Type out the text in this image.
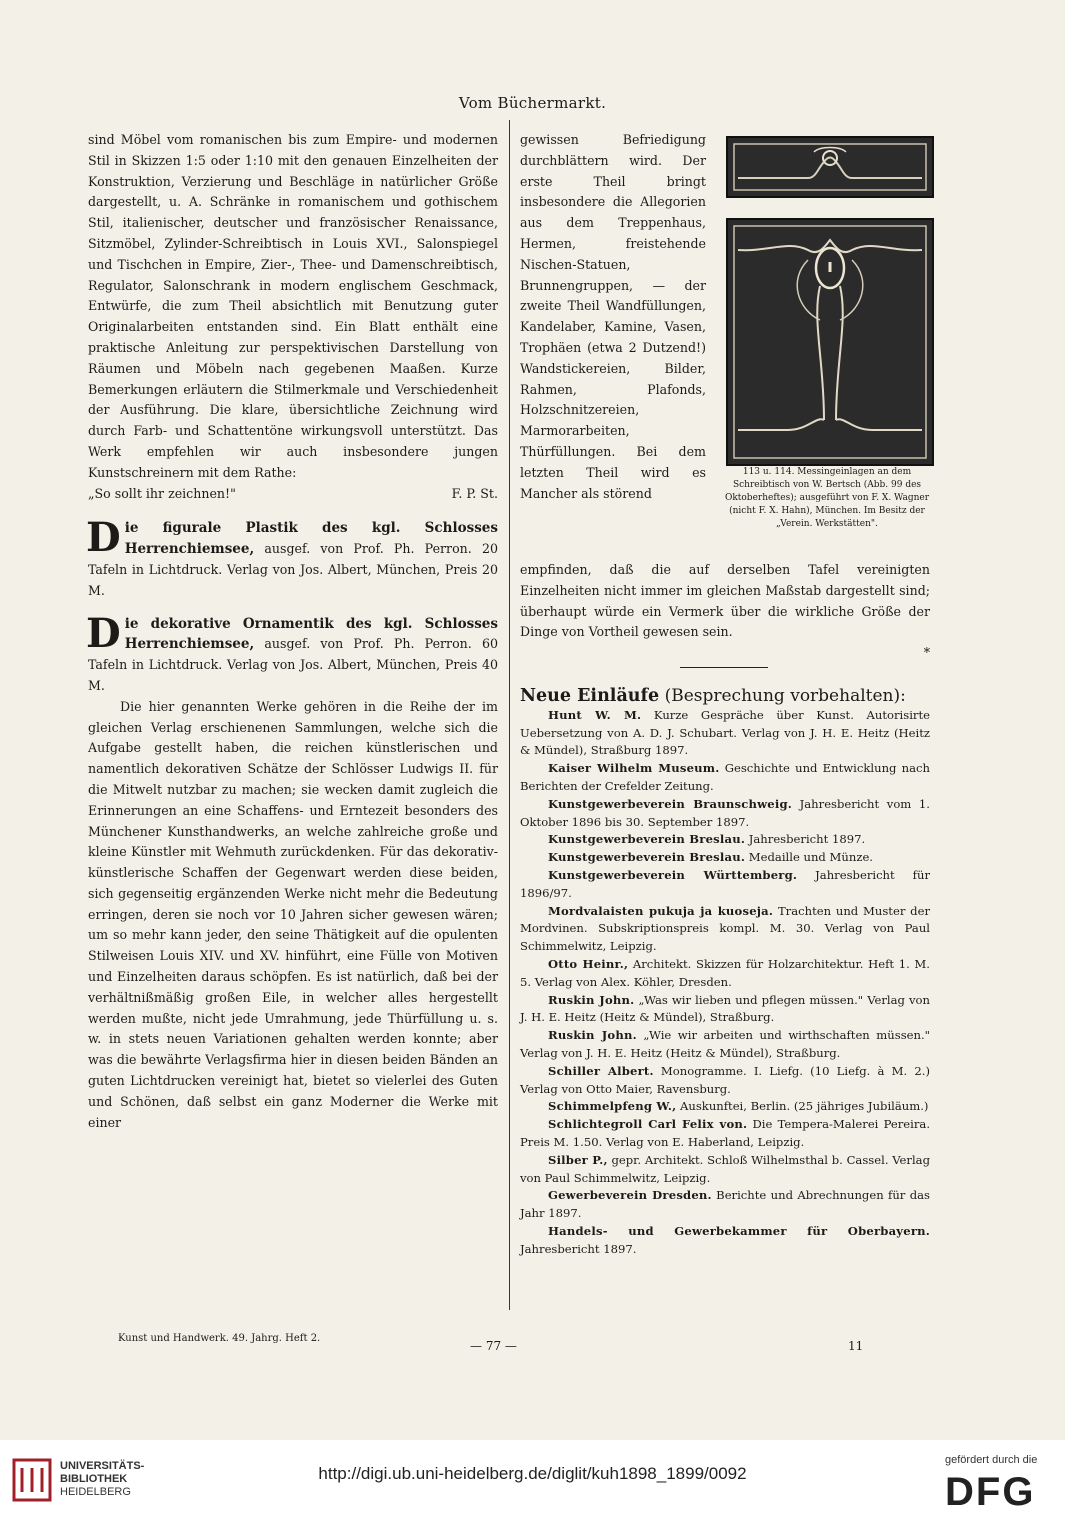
Vom Büchermarkt.

sind Möbel vom romanischen bis zum Empire- und modernen Stil in Skizzen 1:5 oder 1:10 mit den genauen Einzelheiten der Konstruktion, Verzierung und Beschläge in natürlicher Größe dargestellt, u. A. Schränke in romanischem und gothischem Stil, italienischer, deutscher und französischer Renaissance, Sitzmöbel, Zylinder-Schreibtisch in Louis XVI., Salonspiegel und Tischchen in Empire, Zier-, Thee- und Damenschreibtisch, Regulator, Salonschrank in modern englischem Geschmack, Entwürfe, die zum Theil absichtlich mit Benutzung guter Originalarbeiten entstanden sind. Ein Blatt enthält eine praktische Anleitung zur perspektivischen Darstellung von Räumen und Möbeln nach gegebenen Maaßen. Kurze Bemerkungen erläutern die Stilmerkmale und Verschiedenheit der Ausführung. Die klare, übersichtliche Zeichnung wird durch Farb- und Schattentöne wirkungsvoll unterstützt. Das Werk empfehlen wir auch insbesondere jungen Kunstschreinern mit dem Rathe:

„So sollt ihr zeichnen!"	F. P. St.

D ie figurale Plastik des kgl. Schlosses Herrenchiemsee, ausgef. von Prof. Ph. Perron. 20 Tafeln in Lichtdruck. Verlag von Jos. Albert, München, Preis 20 M.

D ie dekorative Ornamentik des kgl. Schlosses Herrenchiemsee, ausgef. von Prof. Ph. Perron. 60 Tafeln in Lichtdruck. Verlag von Jos. Albert, München, Preis 40 M.

Die hier genannten Werke gehören in die Reihe der im gleichen Verlag erschienenen Sammlungen, welche sich die Aufgabe gestellt haben, die reichen künstlerischen und namentlich dekorativen Schätze der Schlösser Ludwigs II. für die Mitwelt nutzbar zu machen; sie wecken damit zugleich die Erinnerungen an eine Schaffens- und Erntezeit besonders des Münchener Kunsthandwerks, an welche zahlreiche große und kleine Künstler mit Wehmuth zurückdenken. Für das dekorativ-künstlerische Schaffen der Gegenwart werden diese beiden, sich gegenseitig ergänzenden Werke nicht mehr die Bedeutung erringen, deren sie noch vor 10 Jahren sicher gewesen wären; um so mehr kann jeder, den seine Thätigkeit auf die opulenten Stilweisen Louis XIV. und XV. hinführt, eine Fülle von Motiven und Einzelheiten daraus schöpfen. Es ist natürlich, daß bei der verhältnißmäßig großen Eile, in welcher alles hergestellt werden mußte, nicht jede Umrahmung, jede Thürfüllung u. s. w. in stets neuen Variationen gehalten werden konnte; aber was die bewährte Verlagsfirma hier in diesen beiden Bänden an guten Lichtdrucken vereinigt hat, bietet so vielerlei des Guten und Schönen, daß selbst ein ganz Moderner die Werke mit einer

gewissen Befriedigung durchblättern wird. Der erste Theil bringt insbesondere die Allegorien aus dem Treppenhaus, Hermen, freistehende Nischen-Statuen, Brunnengruppen, — der zweite Theil Wandfüllungen, Kandelaber, Kamine, Vasen, Trophäen (etwa 2 Dutzend!) Wandstickereien, Bilder, Rahmen, Plafonds, Holzschnitzereien, Marmorarbeiten, Thürfüllungen. Bei dem letzten Theil wird es Mancher als störend

113 u. 114. Messingeinlagen an dem Schreibtisch von W. Bertsch (Abb. 99 des Oktoberheftes); ausgeführt von F. X. Wagner (nicht F. X. Hahn), München. Im Besitz der „Verein. Werkstätten".

empfinden, daß die auf derselben Tafel vereinigten Einzelheiten nicht immer im gleichen Maßstab dargestellt sind; überhaupt würde ein Vermerk über die wirkliche Größe der Dinge von Vortheil gewesen sein.

*

Neue Einläufe (Besprechung vorbehalten):

Hunt W. M. Kurze Gespräche über Kunst. Autorisirte Uebersetzung von A. D. J. Schubart. Verlag von J. H. E. Heitz (Heitz & Mündel), Straßburg 1897.

Kaiser Wilhelm Museum. Geschichte und Entwicklung nach Berichten der Crefelder Zeitung.

Kunstgewerbeverein Braunschweig. Jahresbericht vom 1. Oktober 1896 bis 30. September 1897.

Kunstgewerbeverein Breslau. Jahresbericht 1897.

Kunstgewerbeverein Breslau. Medaille und Münze.

Kunstgewerbeverein Württemberg. Jahresbericht für 1896/97.

Mordvalaisten pukuja ja kuoseja. Trachten und Muster der Mordvinen. Subskriptionspreis kompl. M. 30. Verlag von Paul Schimmelwitz, Leipzig.

Otto Heinr., Architekt. Skizzen für Holzarchitektur. Heft 1. M. 5. Verlag von Alex. Köhler, Dresden.

Ruskin John. „Was wir lieben und pflegen müssen." Verlag von J. H. E. Heitz (Heitz & Mündel), Straßburg.

Ruskin John. „Wie wir arbeiten und wirthschaften müssen." Verlag von J. H. E. Heitz (Heitz & Mündel), Straßburg.

Schiller Albert. Monogramme. I. Liefg. (10 Liefg. à M. 2.) Verlag von Otto Maier, Ravensburg.

Schimmelpfeng W., Auskunftei, Berlin. (25 jähriges Jubiläum.)

Schlichtegroll Carl Felix von. Die Tempera-Malerei Pereira. Preis M. 1.50. Verlag von E. Haberland, Leipzig.

Silber P., gepr. Architekt. Schloß Wilhelmsthal b. Cassel. Verlag von Paul Schimmelwitz, Leipzig.

Gewerbeverein Dresden. Berichte und Abrechnungen für das Jahr 1897.

Handels- und Gewerbekammer für Oberbayern. Jahresbericht 1897.

Kunst und Handwerk. 49. Jahrg. Heft 2.
— 77 —	11
UNIVERSITÄTS-
BIBLIOTHEK
HEIDELBERG
http://digi.ub.uni-heidelberg.de/diglit/kuh1898_1899/0092
gefördert durch die
DFG
